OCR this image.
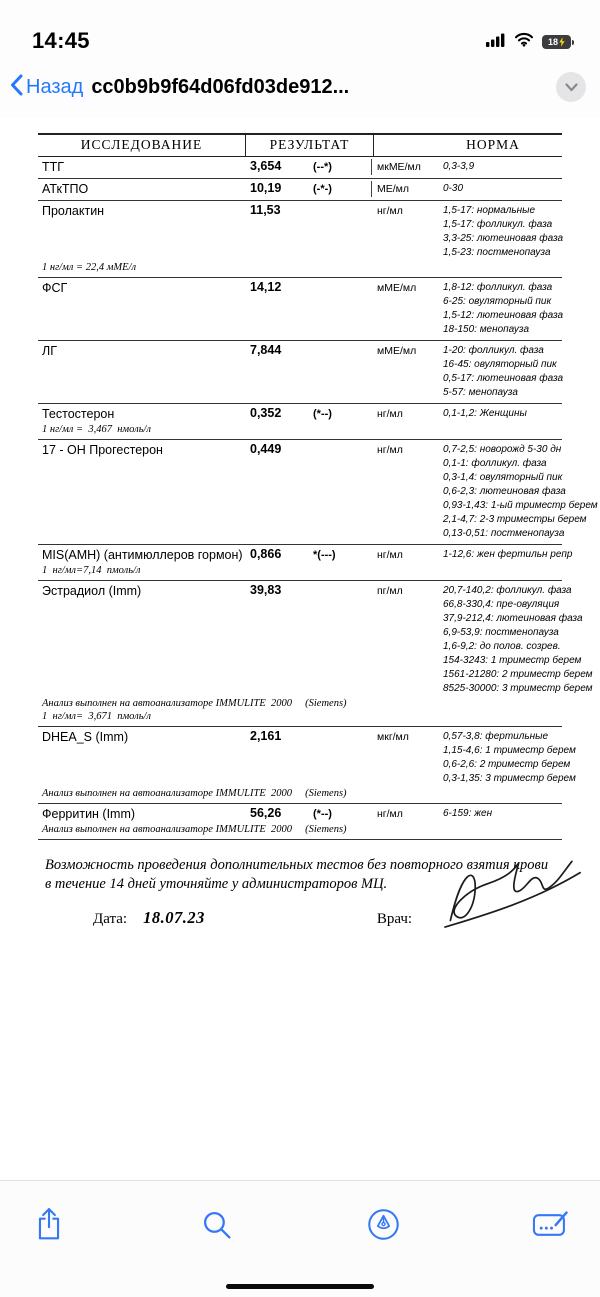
14:45	18
Назад cc0b9b9f64d06fd03de912...
ИССЛЕДОВАНИЕ	РЕЗУЛЬТАТ	НОРМА
ТТГ	3,654	(--*)	мкМЕ/мл	0,3-3,9
АТкТПО	10,19	(-*-)	МЕ/мл	0-30
Пролактин	11,53	нг/мл	1,5-17: нормальные
1,5-17: фолликул. фаза
3,3-25: лютеиновая фаза
1,5-23: постменопауза
1 нг/мл = 22,4 мМЕ/л
ФСГ	14,12	мМЕ/мл	1,8-12: фолликул. фаза
6-25: овуляторный пик
1,5-12: лютеиновая фаза
18-150: менопауза
ЛГ	7,844	мМЕ/мл	1-20: фолликул. фаза
16-45: овуляторный пик
0,5-17: лютеиновая фаза
5-57: менопауза
Тестостерон	0,352	(*--)	нг/мл	0,1-1,2: Женщины
1 нг/мл =  3,467  нмоль/л
17 - ОН Прогестерон	0,449	нг/мл	0,7-2,5: новорожд 5-30 дн
0,1-1: фолликул. фаза
0,3-1,4: овуляторный пик
0,6-2,3: лютеиновая фаза
0,93-1,43: 1-ый триместр берем
2,1-4,7: 2-3 триместры берем
0,13-0,51: постменопауза
MIS(АМН) (антимюллеров гормон) 0,866	*(---)	нг/мл	1-12,6: жен фертильн репр
1  нг/мл=7,14  пмоль/л
Эстрадиол (Imm)	39,83	пг/мл	20,7-140,2: фолликул. фаза
66,8-330,4: пре-овуляция
37,9-212,4: лютеиновая фаза
6,9-53,9: постменопауза
1,6-9,2: до полов. созрев.
154-3243: 1 триместр берем
1561-21280: 2 триместр берем
8525-30000: 3 триместр берем
Анализ выполнен на автоанализаторе IMMULITE  2000     (Siemens)
1  нг/мл=  3,671  пмоль/л
DHEA_S (Imm)	2,161	мкг/мл	0,57-3,8: фертильные
1,15-4,6: 1 триместр берем
0,6-2,6: 2 триместр берем
0,3-1,35: 3 триместр берем
Анализ выполнен на автоанализаторе IMMULITE  2000     (Siemens)
Ферритин (Imm)	56,26	(*--)	нг/мл	6-159: жен
Анализ выполнен на автоанализаторе IMMULITE  2000     (Siemens)

Возможность проведения дополнительных тестов без повторного взятия крови в течение 14 дней уточняйте у администраторов МЦ.

Дата: 18.07.23	Врач:
